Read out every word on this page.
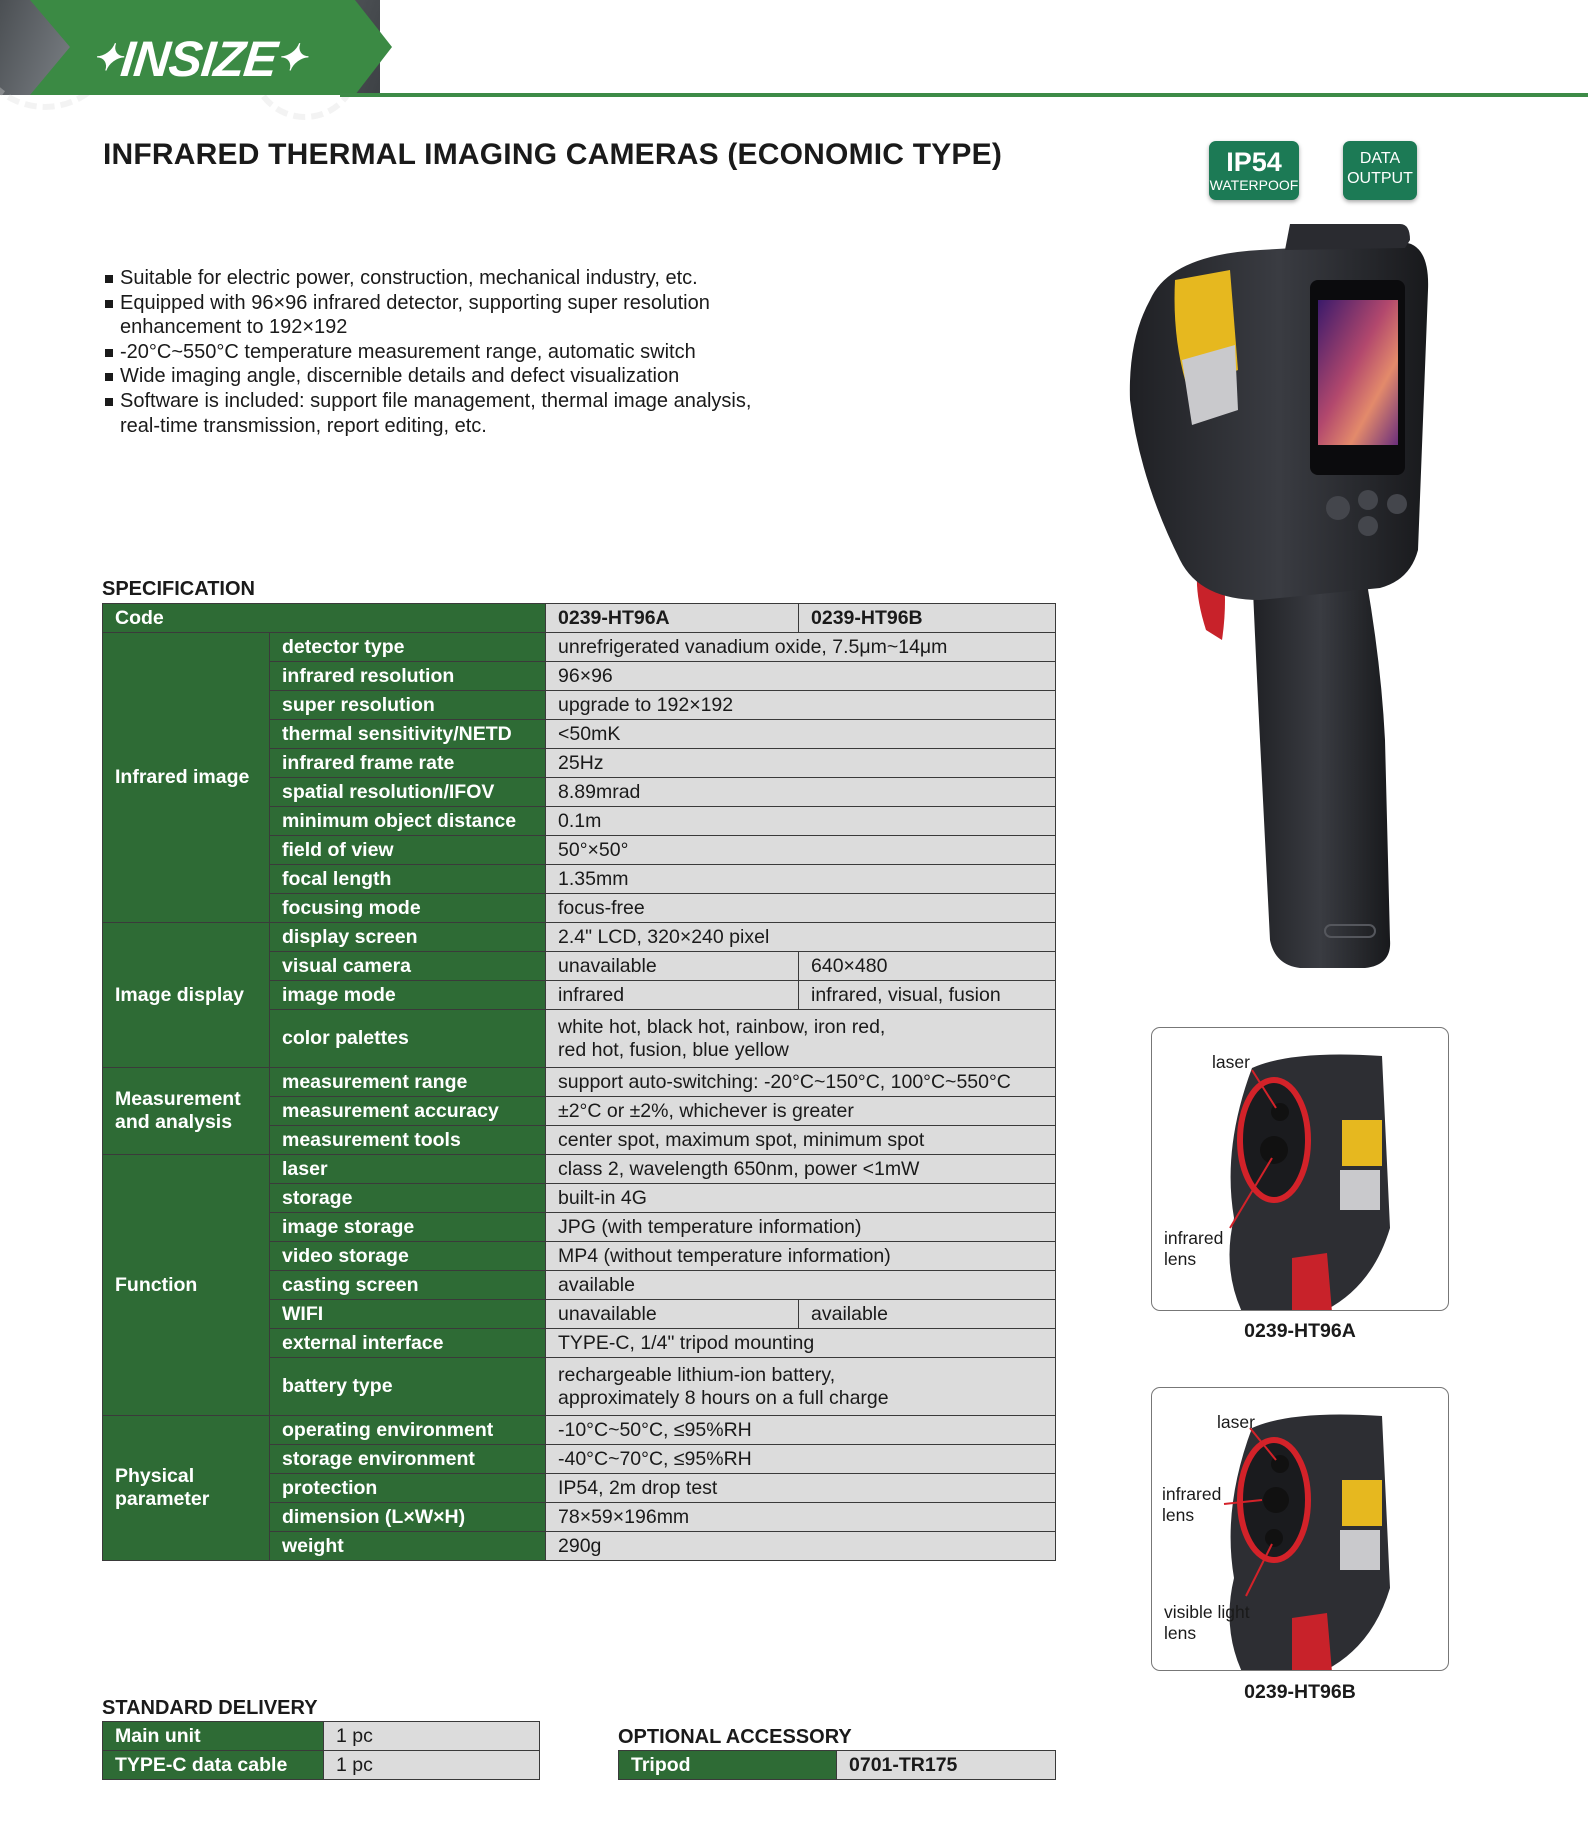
✦INSIZE✦
INFRARED THERMAL IMAGING CAMERAS (ECONOMIC TYPE)	IP54
WATERPOOF
DATA
OUTPUT
Suitable for electric power, construction, mechanical industry, etc.
Equipped with 96×96 infrared detector, supporting super resolution enhancement to 192×192
-20°C~550°C temperature measurement range, automatic switch
Wide imaging angle, discernible details and defect visualization
Software is included: support file management, thermal image analysis, real-time transmission, report editing, etc.
SPECIFICATION
Code		0239-HT96A	0239-HT96B
Infrared image	detector type	unrefrigerated vanadium oxide, 7.5μm~14μm	
	infrared resolution	96×96	
	super resolution	upgrade to 192×192	
	thermal sensitivity/NETD	<50mK	
	infrared frame rate	25Hz	
	spatial resolution/IFOV	8.89mrad	
	minimum object distance	0.1m	
	field of view	50°×50°	
	focal length	1.35mm	
	focusing mode	focus-free	
Image display	display screen	2.4" LCD, 320×240 pixel	
	visual camera	unavailable	640×480
	image mode	infrared	infrared, visual, fusion
	color palettes	white hot, black hot, rainbow, iron red,
red hot, fusion, blue yellow	

Measurement
and analysis	measurement range	support auto-switching: -20°C~150°C, 100°C~550°C	
	measurement accuracy	±2°C or ±2%, whichever is greater	
	measurement tools	center spot, maximum spot, minimum spot	
Function	laser	class 2, wavelength 650nm, power <1mW	
	storage	built-in 4G	
	image storage	JPG (with temperature information)	
	video storage	MP4 (without temperature information)	
	casting screen	available	
	WIFI	unavailable	available
	external interface	TYPE-C, 1/4" tripod mounting	
	battery type	rechargeable lithium-ion battery,
approximately 8 hours on a full charge	

Physical
parameter	operating environment	-10°C~50°C, ≤95%RH	
	storage environment	-40°C~70°C, ≤95%RH	
	protection	IP54, 2m drop test	
	dimension (L×W×H)	78×59×196mm	
	weight	290g	
STANDARD DELIVERY
Main unit	1 pc
TYPE-C data cable	1 pc
OPTIONAL ACCESSORY
Tripod	0701-TR175
laser
infrared
lens
0239-HT96A
laser
infrared
lens
visible light
lens
0239-HT96B
